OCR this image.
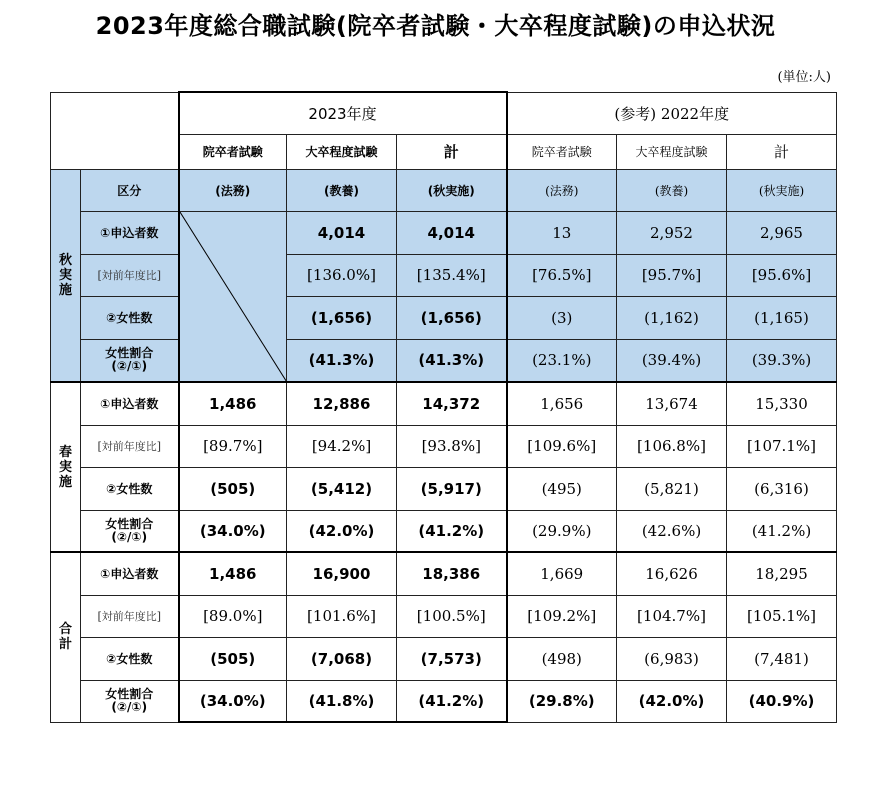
2023年度総合職試験(院卒者試験・大卒程度試験)の申込状況
(単位:人)
		2023年度			(参考) 2022年度		
		院卒者試験	大卒程度試験	計	院卒者試験	大卒程度試験	計

秋
実
施	区分	(法務)	(教養)	(秋実施)	(法務)	(教養)	(秋実施)
	①申込者数		4,014	4,014	13	2,952	2,965
	[対前年度比]		[136.0%]	[135.4%]	[76.5%]	[95.7%]	[95.6%]
	②女性数		(1,656)	(1,656)	(3)	(1,162)	(1,165)

	女性割合
(②/①)		(41.3%)	(41.3%)	(23.1%)	(39.4%)	(39.3%)

春
実
施	①申込者数	1,486	12,886	14,372	1,656	13,674	15,330
	[対前年度比]	[89.7%]	[94.2%]	[93.8%]	[109.6%]	[106.8%]	[107.1%]
	②女性数	(505)	(5,412)	(5,917)	(495)	(5,821)	(6,316)

	女性割合
(②/①)	(34.0%)	(42.0%)	(41.2%)	(29.9%)	(42.6%)	(41.2%)

合
計	①申込者数	1,486	16,900	18,386	1,669	16,626	18,295
	[対前年度比]	[89.0%]	[101.6%]	[100.5%]	[109.2%]	[104.7%]	[105.1%]
	②女性数	(505)	(7,068)	(7,573)	(498)	(6,983)	(7,481)

	女性割合
(②/①)	(34.0%)	(41.8%)	(41.2%)	(29.8%)	(42.0%)	(40.9%)
